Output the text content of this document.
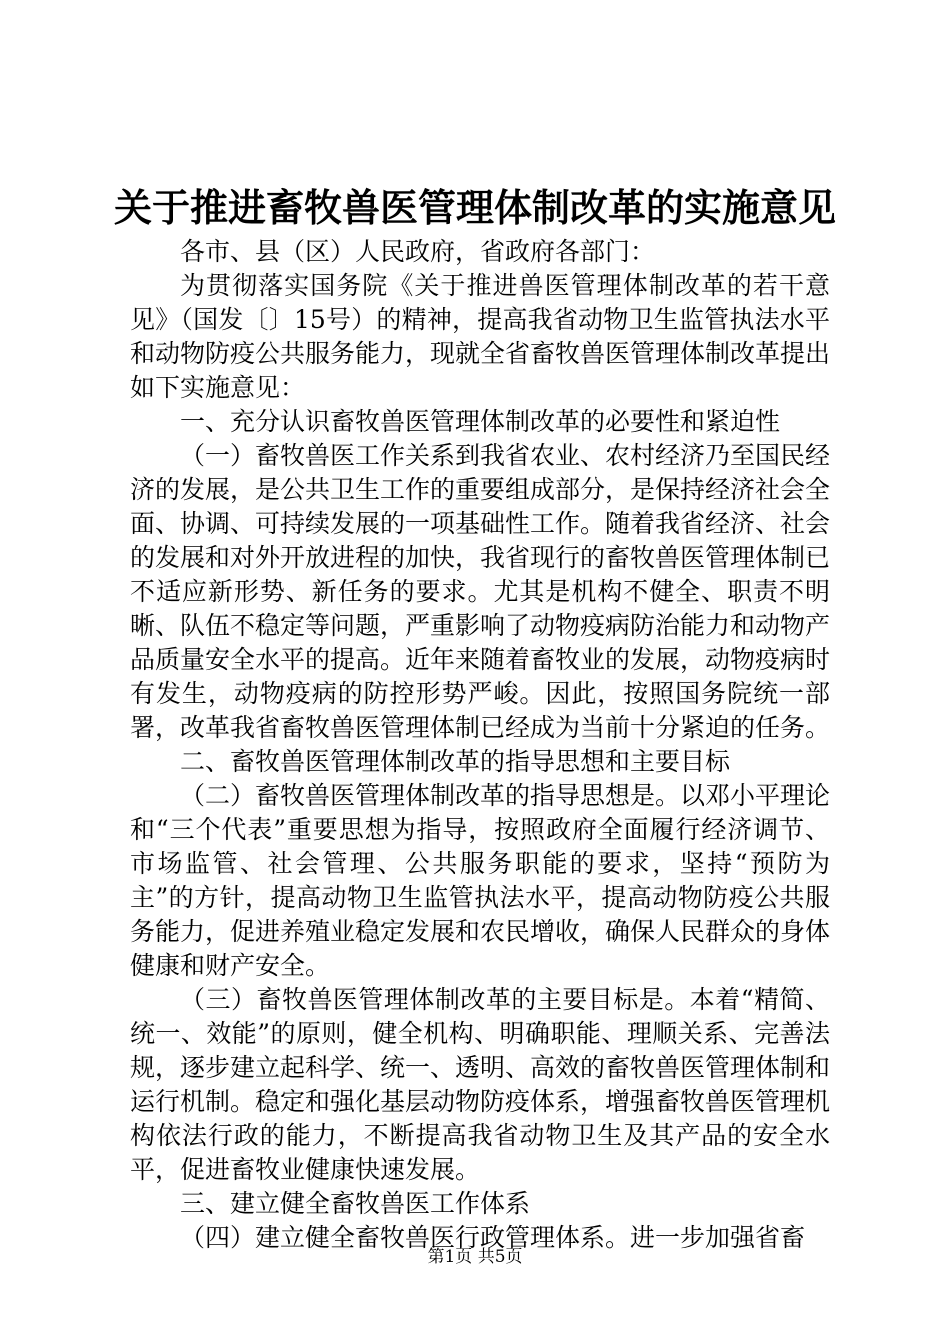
关于推进畜牧兽医管理体制改革的实施意见

各市、县（区）人民政府，省政府各部门：

为贯彻落实国务院《关于推进兽医管理体制改革的若干意见》（国发〔〕15号）的精神，提高我省动物卫生监管执法水平和动物防疫公共服务能力，现就全省畜牧兽医管理体制改革提出如下实施意见：

一、充分认识畜牧兽医管理体制改革的必要性和紧迫性

（一）畜牧兽医工作关系到我省农业、农村经济乃至国民经济的发展，是公共卫生工作的重要组成部分，是保持经济社会全面、协调、可持续发展的一项基础性工作。随着我省经济、社会的发展和对外开放进程的加快，我省现行的畜牧兽医管理体制已不适应新形势、新任务的要求。尤其是机构不健全、职责不明晰、队伍不稳定等问题，严重影响了动物疫病防治能力和动物产品质量安全水平的提高。近年来随着畜牧业的发展，动物疫病时有发生，动物疫病的防控形势严峻。因此，按照国务院统一部署，改革我省畜牧兽医管理体制已经成为当前十分紧迫的任务。

二、畜牧兽医管理体制改革的指导思想和主要目标

（二）畜牧兽医管理体制改革的指导思想是。以邓小平理论和“三个代表”重要思想为指导，按照政府全面履行经济调节、市场监管、社会管理、公共服务职能的要求，坚持“预防为主”的方针，提高动物卫生监管执法水平，提高动物防疫公共服务能力，促进养殖业稳定发展和农民增收，确保人民群众的身体健康和财产安全。

（三）畜牧兽医管理体制改革的主要目标是。本着“精简、统一、效能”的原则，健全机构、明确职能、理顺关系、完善法规，逐步建立起科学、统一、透明、高效的畜牧兽医管理体制和运行机制。稳定和强化基层动物防疫体系，增强畜牧兽医管理机构依法行政的能力，不断提高我省动物卫生及其产品的安全水平，促进畜牧业健康快速发展。

三、建立健全畜牧兽医工作体系

（四）建立健全畜牧兽医行政管理体系。进一步加强省畜

第1页 共5页
